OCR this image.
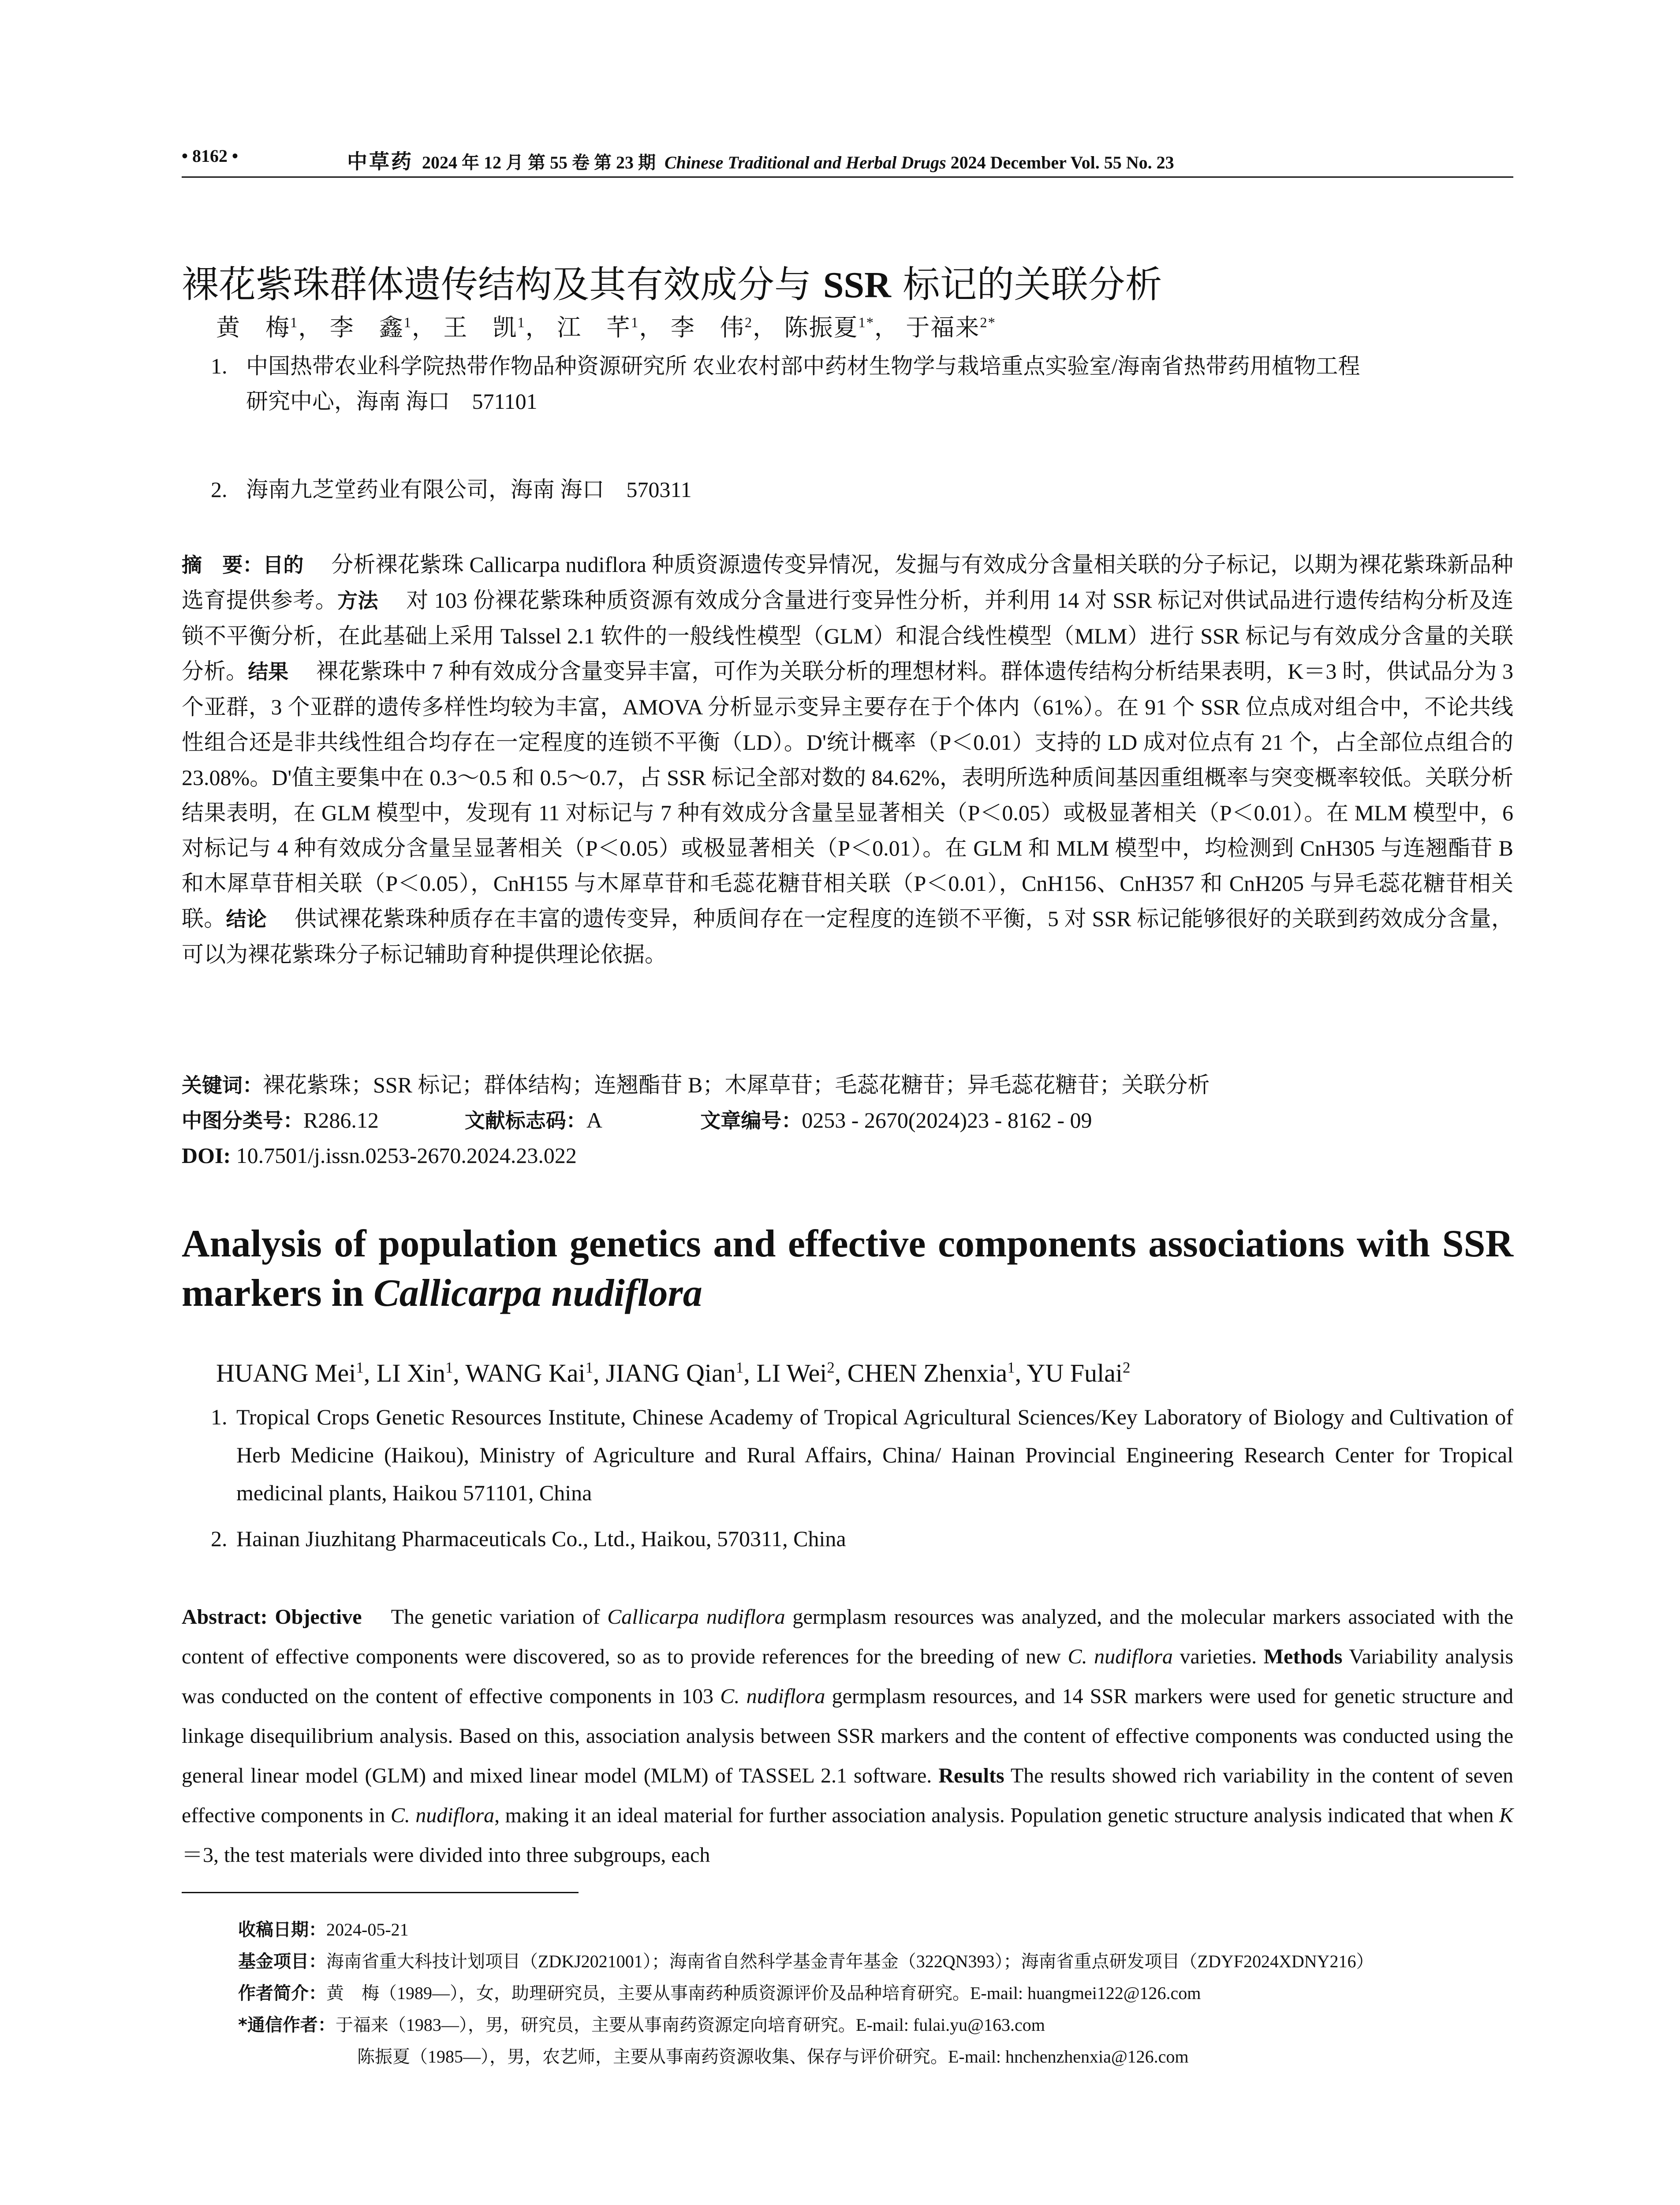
• 8162 •	中草药 2024 年 12 月 第 55 卷 第 23 期 Chinese Traditional and Herbal Drugs 2024 December Vol. 55 No. 23
裸花紫珠群体遗传结构及其有效成分与 SSR 标记的关联分析
黄　梅$^1$， 李　鑫$^1$， 王　凯$^1$， 江　芊$^1$， 李　伟$^2$， 陈振夏$^{1*}$， 于福来$^{2*}$
1. 中国热带农业科学院热带作物品种资源研究所 农业农村部中药材生物学与栽培重点实验室/海南省热带药用植物工程
研究中心，海南 海口　571101
2. 海南九芝堂药业有限公司，海南 海口　570311
摘　要：目的　 分析裸花紫珠 Callicarpa nudiflora 种质资源遗传变异情况，发掘与有效成分含量相关联的分子标记，以期为裸花紫珠新品种选育提供参考。方法　 对 103 份裸花紫珠种质资源有效成分含量进行变异性分析，并利用 14 对 SSR 标记对供试品进行遗传结构分析及连锁不平衡分析，在此基础上采用 Talssel 2.1 软件的一般线性模型（GLM）和混合线性模型（MLM）进行 SSR 标记与有效成分含量的关联分析。结果　 裸花紫珠中 7 种有效成分含量变异丰富，可作为关联分析的理想材料。群体遗传结构分析结果表明，K＝3 时，供试品分为 3 个亚群，3 个亚群的遗传多样性均较为丰富，AMOVA 分析显示变异主要存在于个体内（61%）。在 91 个 SSR 位点成对组合中，不论共线性组合还是非共线性组合均存在一定程度的连锁不平衡（LD）。D'统计概率（P＜0.01）支持的 LD 成对位点有 21 个，占全部位点组合的 23.08%。D'值主要集中在 0.3～0.5 和 0.5～0.7，占 SSR 标记全部对数的 84.62%，表明所选种质间基因重组概率与突变概率较低。关联分析结果表明，在 GLM 模型中，发现有 11 对标记与 7 种有效成分含量呈显著相关（P＜0.05）或极显著相关（P＜0.01）。在 MLM 模型中，6 对标记与 4 种有效成分含量呈显著相关（P＜0.05）或极显著相关（P＜0.01）。在 GLM 和 MLM 模型中，均检测到 CnH305 与连翘酯苷 B 和木犀草苷相关联（P＜0.05），CnH155 与木犀草苷和毛蕊花糖苷相关联（P＜0.01），CnH156、CnH357 和 CnH205 与异毛蕊花糖苷相关联。结论　 供试裸花紫珠种质存在丰富的遗传变异，种质间存在一定程度的连锁不平衡，5 对 SSR 标记能够很好的关联到药效成分含量，可以为裸花紫珠分子标记辅助育种提供理论依据。
关键词：裸花紫珠；SSR 标记；群体结构；连翘酯苷 B；木犀草苷；毛蕊花糖苷；异毛蕊花糖苷；关联分析
中图分类号：R286.12	文献标志码：A	文章编号：0253 - 2670(2024)23 - 8162 - 09
DOI: 10.7501/j.issn.0253-2670.2024.23.022
Analysis of population genetics and effective components associations with SSR markers in Callicarpa nudiflora
HUANG Mei$^1$, LI Xin$^1$, WANG Kai$^1$, JIANG Qian$^1$, LI Wei$^2$, CHEN Zhenxia$^1$, YU Fulai$^2$
1. Tropical Crops Genetic Resources Institute, Chinese Academy of Tropical Agricultural Sciences/Key Laboratory of Biology and Cultivation of Herb Medicine (Haikou), Ministry of Agriculture and Rural Affairs, China/ Hainan Provincial Engineering Research Center for Tropical medicinal plants, Haikou 571101, China
2. Hainan Jiuzhitang Pharmaceuticals Co., Ltd., Haikou, 570311, China
Abstract: Objective The genetic variation of Callicarpa nudiflora germplasm resources was analyzed, and the molecular markers associated with the content of effective components were discovered, so as to provide references for the breeding of new C. nudiflora varieties. Methods Variability analysis was conducted on the content of effective components in 103 C. nudiflora germplasm resources, and 14 SSR markers were used for genetic structure and linkage disequilibrium analysis. Based on this, association analysis between SSR markers and the content of effective components was conducted using the general linear model (GLM) and mixed linear model (MLM) of TASSEL 2.1 software. Results The results showed rich variability in the content of seven effective components in C. nudiflora, making it an ideal material for further association analysis. Population genetic structure analysis indicated that when K＝3, the test materials were divided into three subgroups, each
收稿日期：2024-05-21
基金项目：海南省重大科技计划项目（ZDKJ2021001）；海南省自然科学基金青年基金（322QN393）；海南省重点研发项目（ZDYF2024XDNY216）
作者简介：黄　梅（1989—），女，助理研究员，主要从事南药种质资源评价及品种培育研究。E-mail: huangmei122@126.com
*通信作者：于福来（1983—），男，研究员，主要从事南药资源定向培育研究。E-mail: fulai.yu@163.com
陈振夏（1985—），男，农艺师，主要从事南药资源收集、保存与评价研究。E-mail: hnchenzhenxia@126.com
